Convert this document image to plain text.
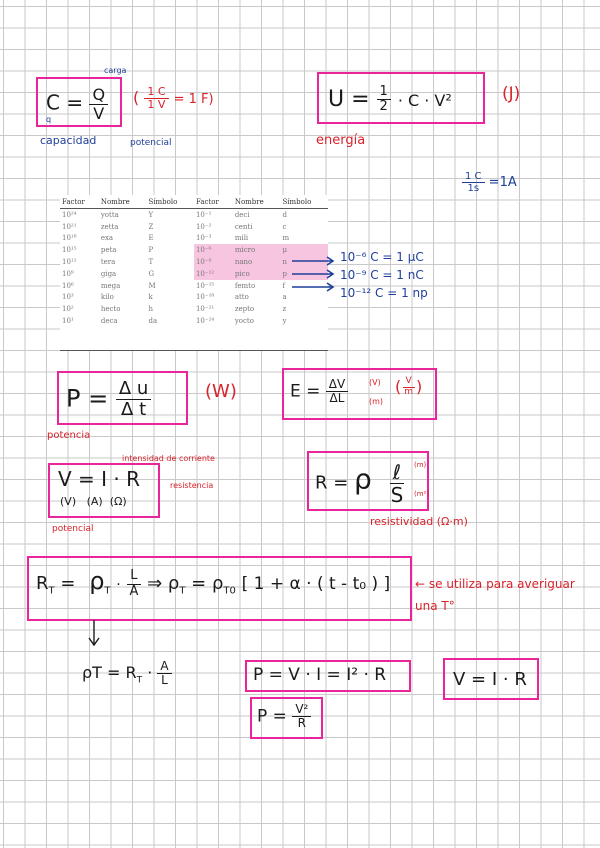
$C = \frac{Q}{V}$
carga
q
capacidad	potencial
( $\frac{1 C}{1 V} = 1$ F)	$U = \frac{1}{2} \cdot C \cdot V^2$	(J)
energía
$\frac{1 C}{1s} =1A$
Factor	Nombre	Símbolo	Factor	Nombre	Símbolo
10²⁴	yotta	Y	10⁻¹	deci	d
10²¹	zetta	Z	10⁻²	centi	c
10¹⁸	exa	E	10⁻³	mili	m
10¹⁵	peta	P	10⁻⁶	micro	μ
10¹²	tera	T	10⁻⁹	nano	n
10⁹	giga	G	10⁻¹²	pico	p
10⁶	mega	M	10⁻¹⁵	femto	f
10³	kilo	k	10⁻¹⁸	atto	a
10²	hecto	h	10⁻²¹	zepto	z
10¹	deca	da	10⁻²⁴	yocto	y
10⁻⁶ C = 1 μC
10⁻⁹ C = 1 nC
10⁻¹² C = 1 np
$P = \frac{\text{Δ u}}{\text{Δ t}}$	(W)
potencia
$E = \frac{\Delta V}{\Delta L}$	(V)
(m)
( $\frac{V}{m}$ )
V = I · R
(V)   (A)  (Ω)
intensidad de corriente
resistencia
potencial
R = ρ $\frac{\text{ℓ}}{S} (m)$
(m²)
resistividad (Ω·m)
$R_T = \rho_T \cdot \frac{L}{A}$ ⇒ $\rho_T = \rho_{T0}$ [ 1 + α · ( t - t₀ ) ] ← se utiliza para averiguar una T°
$\rho T = R_T \cdot \frac{A}{L}$	P = V · I = I² · R	V = I · R
$P = \frac{\text{V²}}{R}$
